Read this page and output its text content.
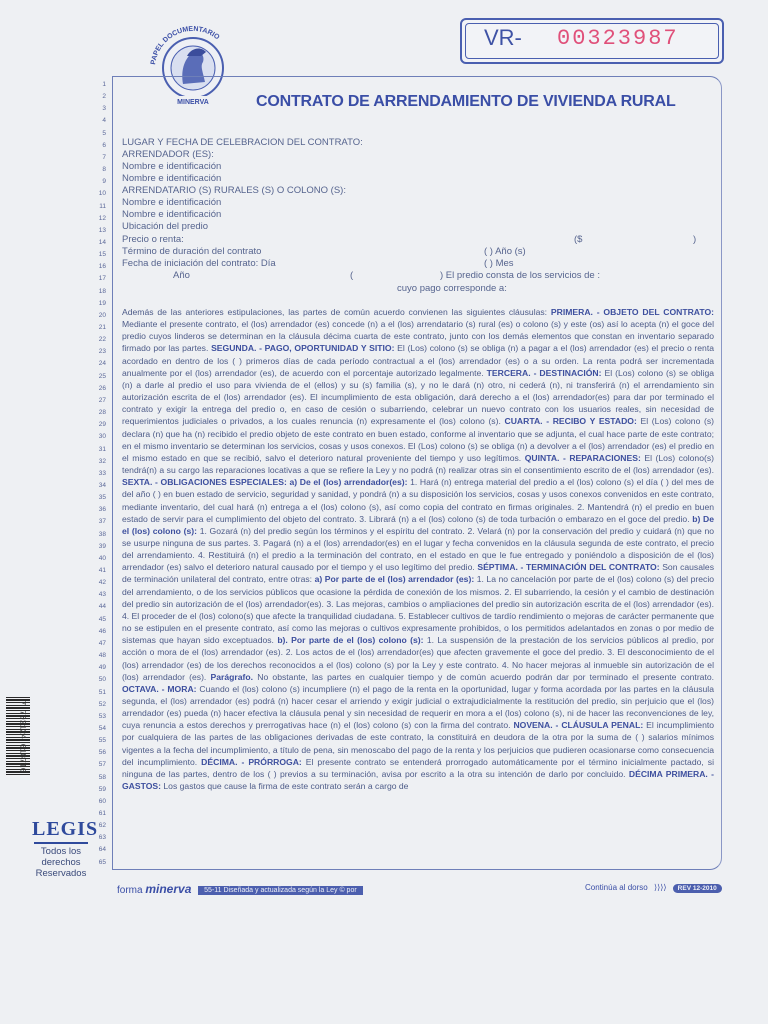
PAPEL DOCUMENTARIO
MINERVA
VR- 00323987
CONTRATO DE ARRENDAMIENTO DE VIVIENDA RURAL
1
2
3
4
5
6
7
8
9
10
11
12
13
14
15
16
17
18
19
20
21
22
23
24
25
26
27
28
29
30
31
32
33
34
35
36
37
38
39
40
41
42
43
44
45
46
47
48
49
50
51
52
53
54
55
56
57
58
59
60
61
62
63
64
65
LUGAR Y FECHA DE CELEBRACION DEL CONTRATO:
ARRENDADOR (ES):
Nombre e identificación
Nombre e identificación
ARRENDATARIO (S) RURALES (S) O COLONO (S):
Nombre e identificación
Nombre e identificación
Ubicación del predio
Precio o renta:	($	)
Término de duración del contrato	( ) Año (s)
Fecha de iniciación del contrato: Día	( ) Mes
Año	(	) El predio consta de los servicios de :
cuyo pago corresponde a:
Además de las anteriores estipulaciones, las partes de común acuerdo convienen las siguientes cláusulas: PRIMERA. - OBJETO DEL CONTRATO: Mediante el presente contrato, el (los) arrendador (es) concede (n) a el (los) arrendatario (s) rural (es) o colono (s) y este (os) así lo acepta (n) el goce del predio cuyos linderos se determinan en la cláusula décima cuarta de este contrato, junto con los demás elementos que constan en inventario separado firmado por las partes. SEGUNDA. - PAGO, OPORTUNIDAD Y SITIO: El (Los) colono (s) se obliga (n) a pagar a el (los) arrendador (es) el precio o renta acordado en dentro de los ( ) primeros días de cada período contractual a el (los) arrendador (es) o a su orden. La renta podrá ser incrementada anualmente por el (los) arrendador (es), de acuerdo con el porcentaje autorizado legalmente. TERCERA. - DESTINACIÓN: El (Los) colono (s) se obliga (n) a darle al predio el uso para vivienda de el (ellos) y su (s) familia (s), y no le dará (n) otro, ni cederá (n), ni transferirá (n) el arrendamiento sin autorización escrita de el (los) arrendador (es). El incumplimiento de esta obligación, dará derecho a el (los) arrendador(es) para dar por terminado el contrato y exigir la entrega del predio o, en caso de cesión o subarriendo, celebrar un nuevo contrato con los usuarios reales, sin necesidad de requerimientos judiciales o privados, a los cuales renuncia (n) expresamente el (los) colono (s). CUARTA. - RECIBO Y ESTADO: El (Los) colono (s) declara (n) que ha (n) recibido el predio objeto de este contrato en buen estado, conforme al inventario que se adjunta, el cual hace parte de este contrato; en el mismo inventario se determinan los servicios, cosas y usos conexos. El (Los) colono (s) se obliga (n) a devolver a el (los) arrendador (es) el predio en el mismo estado en que se recibió, salvo el deterioro natural proveniente del tiempo y uso legítimos. QUINTA. - REPARACIONES: El (Los) colono(s) tendrá(n) a su cargo las reparaciones locativas a que se refiere la Ley y no podrá (n) realizar otras sin el consentimiento escrito de el (los) arrendador (es). SEXTA. - OBLIGACIONES ESPECIALES: a) De el (los) arrendador(es): 1. Hará (n) entrega material del predio a el (los) colono (s) el día ( ) del mes de del año ( ) en buen estado de servicio, seguridad y sanidad, y pondrá (n) a su disposición los servicios, cosas y usos conexos convenidos en este contrato, mediante inventario, del cual hará (n) entrega a el (los) colono (s), así como copia del contrato en firmas originales. 2. Mantendrá (n) el predio en buen estado de servir para el cumplimiento del objeto del contrato. 3. Librará (n) a el (los) colono (s) de toda turbación o embarazo en el goce del predio. b) De el (los) colono (s): 1. Gozará (n) del predio según los términos y el espíritu del contrato. 2. Velará (n) por la conservación del predio y cuidará (n) que no se usurpe ninguna de sus partes. 3. Pagará (n) a el (los) arrendador(es) en el lugar y fecha convenidos en la cláusula segunda de este contrato, el precio del arrendamiento. 4. Restituirá (n) el predio a la terminación del contrato, en el estado en que le fue entregado y poniéndolo a disposición de el (los) arrendador (es) salvo el deterioro natural causado por el tiempo y el uso legítimo del predio. SÉPTIMA. - TERMINACIÓN DEL CONTRATO: Son causales de terminación unilateral del contrato, entre otras: a) Por parte de el (los) arrendador (es): 1. La no cancelación por parte de el (los) colono (s) del precio del arrendamiento, o de los servicios públicos que ocasione la pérdida de conexión de los mismos. 2. El subarriendo, la cesión y el cambio de destinación del predio sin autorización de el (los) arrendador(es). 3. Las mejoras, cambios o ampliaciones del predio sin autorización escrita de el (los) arrendador (es). 4. El proceder de el (los) colono(s) que afecte la tranquilidad ciudadana. 5. Establecer cultivos de tardío rendimiento o mejoras de carácter permanente que no se estipulen en el presente contrato, así como las mejoras o cultivos expresamente prohibidos, o los permitidos adelantados en zonas o por medio de sistemas que hayan sido exceptuados. b). Por parte de el (los) colono (s): 1. La suspensión de la prestación de los servicios públicos al predio, por acción o mora de el (los) arrendador (es). 2. Los actos de el (los) arrendador(es) que afecten gravemente el goce del predio. 3. El desconocimiento de el (los) arrendador (es) de los derechos reconocidos a el (los) colono (s) por la Ley y este contrato. 4. No hacer mejoras al inmueble sin autorización de el (los) arrendador (es). Parágrafo. No obstante, las partes en cualquier tiempo y de común acuerdo podrán dar por terminado el presente contrato. OCTAVA. - MORA: Cuando el (los) colono (s) incumpliere (n) el pago de la renta en la oportunidad, lugar y forma acordada por las partes en la cláusula segunda, el (los) arrendador (es) podrá (n) hacer cesar el arriendo y exigir judicial o extrajudicialmente la restitución del predio, sin perjuicio que el (los) arrendador (es) pueda (n) hacer efectiva la cláusula penal y sin necesidad de requerir en mora a el (los) colono (s), ni de hacer las reconvenciones de ley, cuya renuncia a estos derechos y prerrogativas hace (n) el (los) colono (s) con la firma del contrato. NOVENA. - CLÁUSULA PENAL: El incumplimiento por cualquiera de las partes de las obligaciones derivadas de este contrato, la constituirá en deudora de la otra por la suma de ( ) salarios mínimos vigentes a la fecha del incumplimiento, a título de pena, sin menoscabo del pago de la renta y los perjuicios que pudieren ocasionarse como consecuencia del incumplimiento. DÉCIMA. - PRÓRROGA: El presente contrato se entenderá prorrogado automáticamente por el término inicialmente pactado, si ninguna de las partes, dentro de los ( ) previos a su terminación, avisa por escrito a la otra su intención de darlo por concluido. DÉCIMA PRIMERA. - GASTOS: Los gastos que cause la firma de este contrato serán a cargo de
7 702124 018710
LEGIS
Todos los derechos Reservados
forma minerva 55-11 Diseñada y actualizada según la Ley © por	Continúa al dorso ⟩⟩⟩⟩ REV 12-2010
